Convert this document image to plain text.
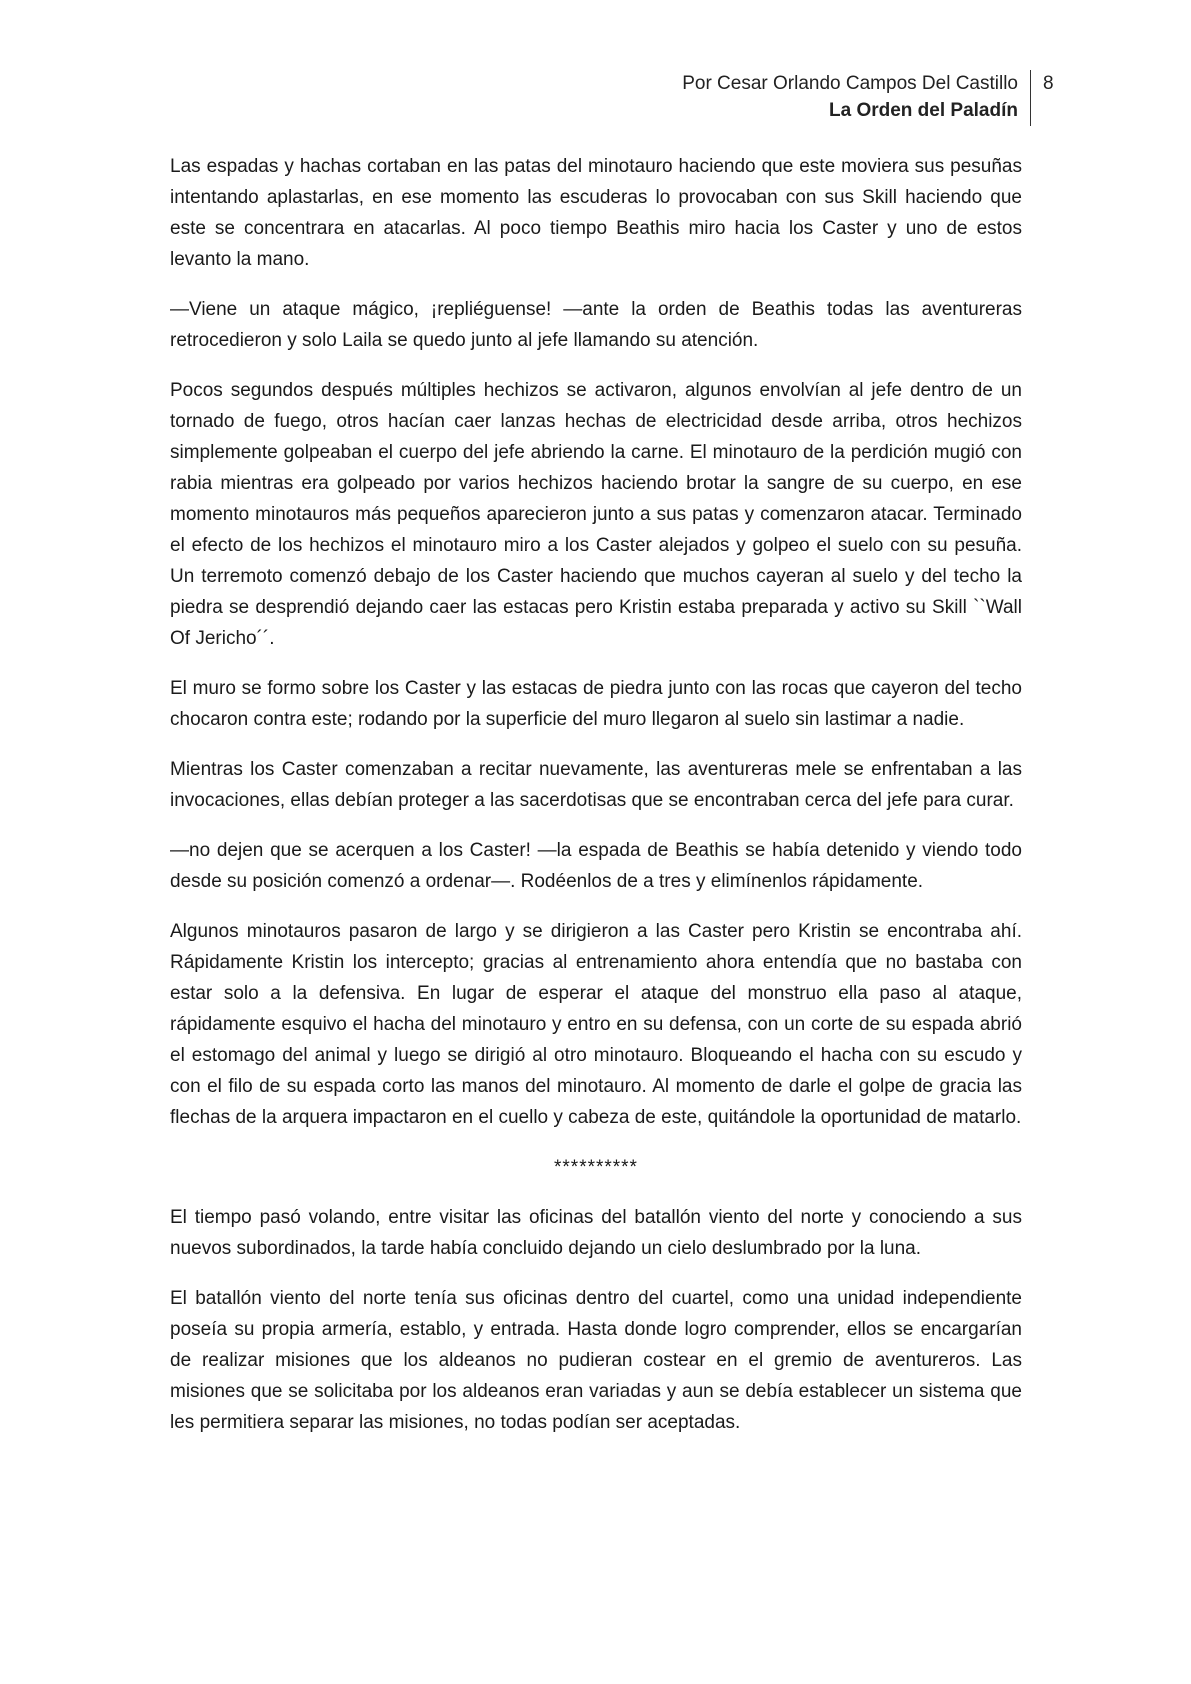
Por Cesar Orlando Campos Del Castillo
La Orden del Paladín
8

Las espadas y hachas cortaban en las patas del minotauro haciendo que este moviera sus pesuñas intentando aplastarlas, en ese momento las escuderas lo provocaban con sus Skill haciendo que este se concentrara en atacarlas. Al poco tiempo Beathis miro hacia los Caster y uno de estos levanto la mano.

—Viene un ataque mágico, ¡repliéguense! —ante la orden de Beathis todas las aventureras retrocedieron y solo Laila se quedo junto al jefe llamando su atención.

Pocos segundos después múltiples hechizos se activaron, algunos envolvían al jefe dentro de un tornado de fuego, otros hacían caer lanzas hechas de electricidad desde arriba, otros hechizos simplemente golpeaban el cuerpo del jefe abriendo la carne. El minotauro de la perdición mugió con rabia mientras era golpeado por varios hechizos haciendo brotar la sangre de su cuerpo, en ese momento minotauros más pequeños aparecieron junto a sus patas y comenzaron atacar. Terminado el efecto de los hechizos el minotauro miro a los Caster alejados y golpeo el suelo con su pesuña. Un terremoto comenzó debajo de los Caster haciendo que muchos cayeran al suelo y del techo la piedra se desprendió dejando caer las estacas pero Kristin estaba preparada y activo su Skill ``Wall Of Jericho´´.

El muro se formo sobre los Caster y las estacas de piedra junto con las rocas que cayeron del techo chocaron contra este; rodando por la superficie del muro llegaron al suelo sin lastimar a nadie.

Mientras los Caster comenzaban a recitar nuevamente, las aventureras mele se enfrentaban a las invocaciones, ellas debían proteger a las sacerdotisas que se encontraban cerca del jefe para curar.

—no dejen que se acerquen a los Caster! —la espada de Beathis se había detenido y viendo todo desde su posición comenzó a ordenar—. Rodéenlos de a tres y elimínenlos rápidamente.

Algunos minotauros pasaron de largo y se dirigieron a las Caster pero Kristin se encontraba ahí. Rápidamente Kristin los intercepto; gracias al entrenamiento ahora entendía que no bastaba con estar solo a la defensiva. En lugar de esperar el ataque del monstruo ella paso al ataque, rápidamente esquivo el hacha del minotauro y entro en su defensa, con un corte de su espada abrió el estomago del animal y luego se dirigió al otro minotauro. Bloqueando el hacha con su escudo y con el filo de su espada corto las manos del minotauro. Al momento de darle el golpe de gracia las flechas de la arquera impactaron en el cuello y cabeza de este, quitándole la oportunidad de matarlo.

**********

El tiempo pasó volando, entre visitar las oficinas del batallón viento del norte y conociendo a sus nuevos subordinados, la tarde había concluido dejando un cielo deslumbrado por la luna.

El batallón viento del norte tenía sus oficinas dentro del cuartel, como una unidad independiente poseía su propia armería, establo, y entrada. Hasta donde logro comprender, ellos se encargarían de realizar misiones que los aldeanos no pudieran costear en el gremio de aventureros. Las misiones que se solicitaba por los aldeanos eran variadas y aun se debía establecer un sistema que les permitiera separar las misiones, no todas podían ser aceptadas.
